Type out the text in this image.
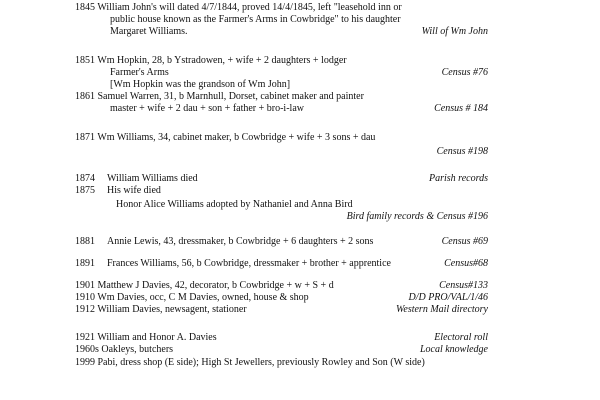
1845 William John's will dated 4/7/1844, proved 14/4/1845, left "leasehold inn or
public house known as the Farmer's Arms in Cowbridge" to his daughter
Margaret Williams.	Will of Wm John
1851 Wm Hopkin, 28, b Ystradowen, + wife + 2 daughters + lodger
Farmer's Arms	Census #76
[Wm Hopkin was the grandson of Wm John]
1861 Samuel Warren, 31, b Marnhull, Dorset, cabinet maker and painter
master + wife + 2 dau + son + father + bro-i-law	Census # 184
1871 Wm Williams, 34, cabinet maker, b Cowbridge + wife + 3 sons + dau
Census #198
1874 William Williams died	Parish records
1875 His wife died
Honor Alice Williams adopted by Nathaniel and Anna Bird
Bird family records & Census #196
1881 Annie Lewis, 43, dressmaker, b Cowbridge + 6 daughters + 2 sons	Census #69
1891 Frances Williams, 56, b Cowbridge, dressmaker + brother + apprentice	Census#68
1901 Matthew J Davies, 42, decorator, b Cowbridge + w + S + d	Census#133
1910 Wm Davies, occ, C M Davies, owned, house & shop	D/D PRO/VAL/1/46
1912 William Davies, newsagent, stationer	Western Mail directory
1921 William and Honor A. Davies	Electoral roll
1960s Oakleys, butchers	Local knowledge
1999 Pabi, dress shop (E side); High St Jewellers, previously Rowley and Son (W side)
